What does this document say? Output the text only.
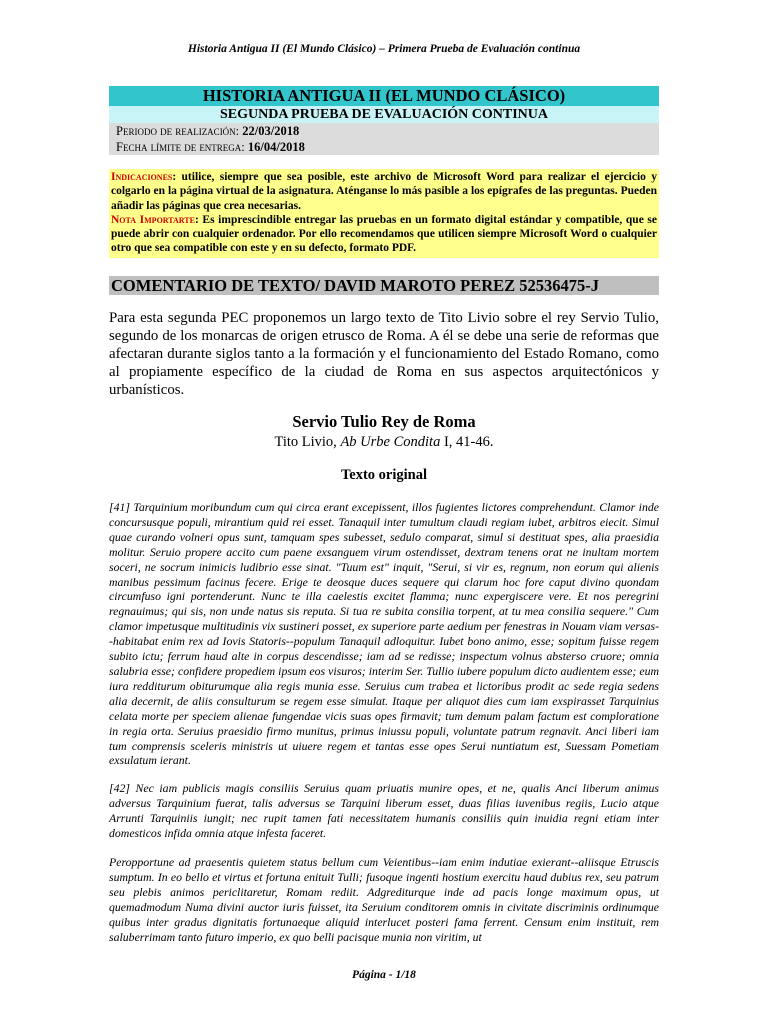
Historia Antigua II (El Mundo Clásico) – Primera Prueba de Evaluación continua
HISTORIA ANTIGUA II (EL MUNDO CLÁSICO)
SEGUNDA PRUEBA DE EVALUACIÓN CONTINUA
Periodo de realización: 22/03/2018
Fecha límite de entrega: 16/04/2018
Indicaciones: utilice, siempre que sea posible, este archivo de Microsoft Word para realizar el ejercicio y colgarlo en la página virtual de la asignatura. Aténganse lo más pasible a los epígrafes de las preguntas. Pueden añadir las páginas que crea necesarias.
Nota Importarte: Es imprescindible entregar las pruebas en un formato digital estándar y compatible, que se puede abrir con cualquier ordenador. Por ello recomendamos que utilicen siempre Microsoft Word o cualquier otro que sea compatible con este y en su defecto, formato PDF.
COMENTARIO DE TEXTO/ DAVID MAROTO PEREZ 52536475-J

Para esta segunda PEC proponemos un largo texto de Tito Livio sobre el rey Servio Tulio, segundo de los monarcas de origen etrusco de Roma. A él se debe una serie de reformas que afectaran durante siglos tanto a la formación y el funcionamiento del Estado Romano, como al propiamente específico de la ciudad de Roma en sus aspectos arquitectónicos y urbanísticos.

Servio Tulio Rey de Roma
Tito Livio, Ab Urbe Condita I, 41-46.
Texto original

[41] Tarquinium moribundum cum qui circa erant excepissent, illos fugientes lictores comprehendunt. Clamor inde concursusque populi, mirantium quid rei esset. Tanaquil inter tumultum claudi regiam iubet, arbitros eiecit. Simul quae curando volneri opus sunt, tamquam spes subesset, sedulo comparat, simul si destituat spes, alia praesidia molitur. Seruio propere accito cum paene exsanguem virum ostendisset, dextram tenens orat ne inultam mortem soceri, ne socrum inimicis ludibrio esse sinat. "Tuum est" inquit, "Serui, si vir es, regnum, non eorum qui alienis manibus pessimum facinus fecere. Erige te deosque duces sequere qui clarum hoc fore caput divino quondam circumfuso igni portenderunt. Nunc te illa caelestis excitet flamma; nunc expergiscere vere. Et nos peregrini regnauimus; qui sis, non unde natus sis reputa. Si tua re subita consilia torpent, at tu mea consilia sequere." Cum clamor impetusque multitudinis vix sustineri posset, ex superiore parte aedium per fenestras in Nouam viam versas--habitabat enim rex ad Iovis Statoris--populum Tanaquil adloquitur. Iubet bono animo, esse; sopitum fuisse regem subito ictu; ferrum haud alte in corpus descendisse; iam ad se redisse; inspectum volnus absterso cruore; omnia salubria esse; confidere propediem ipsum eos visuros; interim Ser. Tullio iubere populum dicto audientem esse; eum iura redditurum obiturumque alia regis munia esse. Seruius cum trabea et lictoribus prodit ac sede regia sedens alia decernit, de aliis consulturum se regem esse simulat. Itaque per aliquot dies cum iam exspirasset Tarquinius celata morte per speciem alienae fungendae vicis suas opes firmavit; tum demum palam factum est comploratione in regia orta. Seruius praesidio firmo munitus, primus iniussu populi, voluntate patrum regnavit. Anci liberi iam tum comprensis sceleris ministris ut uiuere regem et tantas esse opes Serui nuntiatum est, Suessam Pometiam exsulatum ierant.

[42] Nec iam publicis magis consiliis Seruius quam priuatis munire opes, et ne, qualis Anci liberum animus adversus Tarquinium fuerat, talis adversus se Tarquini liberum esset, duas filias iuvenibus regiis, Lucio atque Arrunti Tarquiniis iungit; nec rupit tamen fati necessitatem humanis consiliis quin inuidia regni etiam inter domesticos infida omnia atque infesta faceret.

Peropportune ad praesentis quietem status bellum cum Veientibus--iam enim indutiae exierant--aliisque Etruscis sumptum. In eo bello et virtus et fortuna enituit Tulli; fusoque ingenti hostium exercitu haud dubius rex, seu patrum seu plebis animos periclitaretur, Romam rediit. Adgrediturque inde ad pacis longe maximum opus, ut quemadmodum Numa divini auctor iuris fuisset, ita Seruium conditorem omnis in civitate discriminis ordinumque quibus inter gradus dignitatis fortunaeque aliquid interlucet posteri fama ferrent. Censum enim instituit, rem saluberrimam tanto futuro imperio, ex quo belli pacisque munia non viritim, ut

Página - 1/18
